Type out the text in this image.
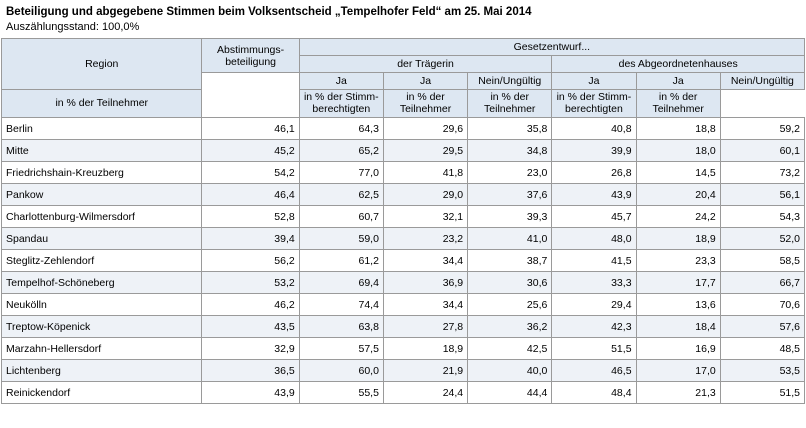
Beteiligung und abgegebene Stimmen beim Volksentscheid „Tempelhofer Feld“ am 25. Mai 2014
Auszählungsstand: 100,0%
Region	Abstimmungs-beteiligung	Gesetzentwurf...					
		der Trägerin			des Abgeordnetenhauses		
		Ja	Ja	Nein/Ungültig	Ja	Ja	Nein/Ungültig
in % der Teilnehmer		in % der Stimm-berechtigten	in % der Teilnehmer	in % der Teilnehmer	in % der Stimm-berechtigten	in % der Teilnehmer	
Berlin	46,1	64,3	29,6	35,8	40,8	18,8	59,2
Mitte	45,2	65,2	29,5	34,8	39,9	18,0	60,1
Friedrichshain-Kreuzberg	54,2	77,0	41,8	23,0	26,8	14,5	73,2
Pankow	46,4	62,5	29,0	37,6	43,9	20,4	56,1
Charlottenburg-Wilmersdorf	52,8	60,7	32,1	39,3	45,7	24,2	54,3
Spandau	39,4	59,0	23,2	41,0	48,0	18,9	52,0
Steglitz-Zehlendorf	56,2	61,2	34,4	38,7	41,5	23,3	58,5
Tempelhof-Schöneberg	53,2	69,4	36,9	30,6	33,3	17,7	66,7
Neukölln	46,2	74,4	34,4	25,6	29,4	13,6	70,6
Treptow-Köpenick	43,5	63,8	27,8	36,2	42,3	18,4	57,6
Marzahn-Hellersdorf	32,9	57,5	18,9	42,5	51,5	16,9	48,5
Lichtenberg	36,5	60,0	21,9	40,0	46,5	17,0	53,5
Reinickendorf	43,9	55,5	24,4	44,4	48,4	21,3	51,5
